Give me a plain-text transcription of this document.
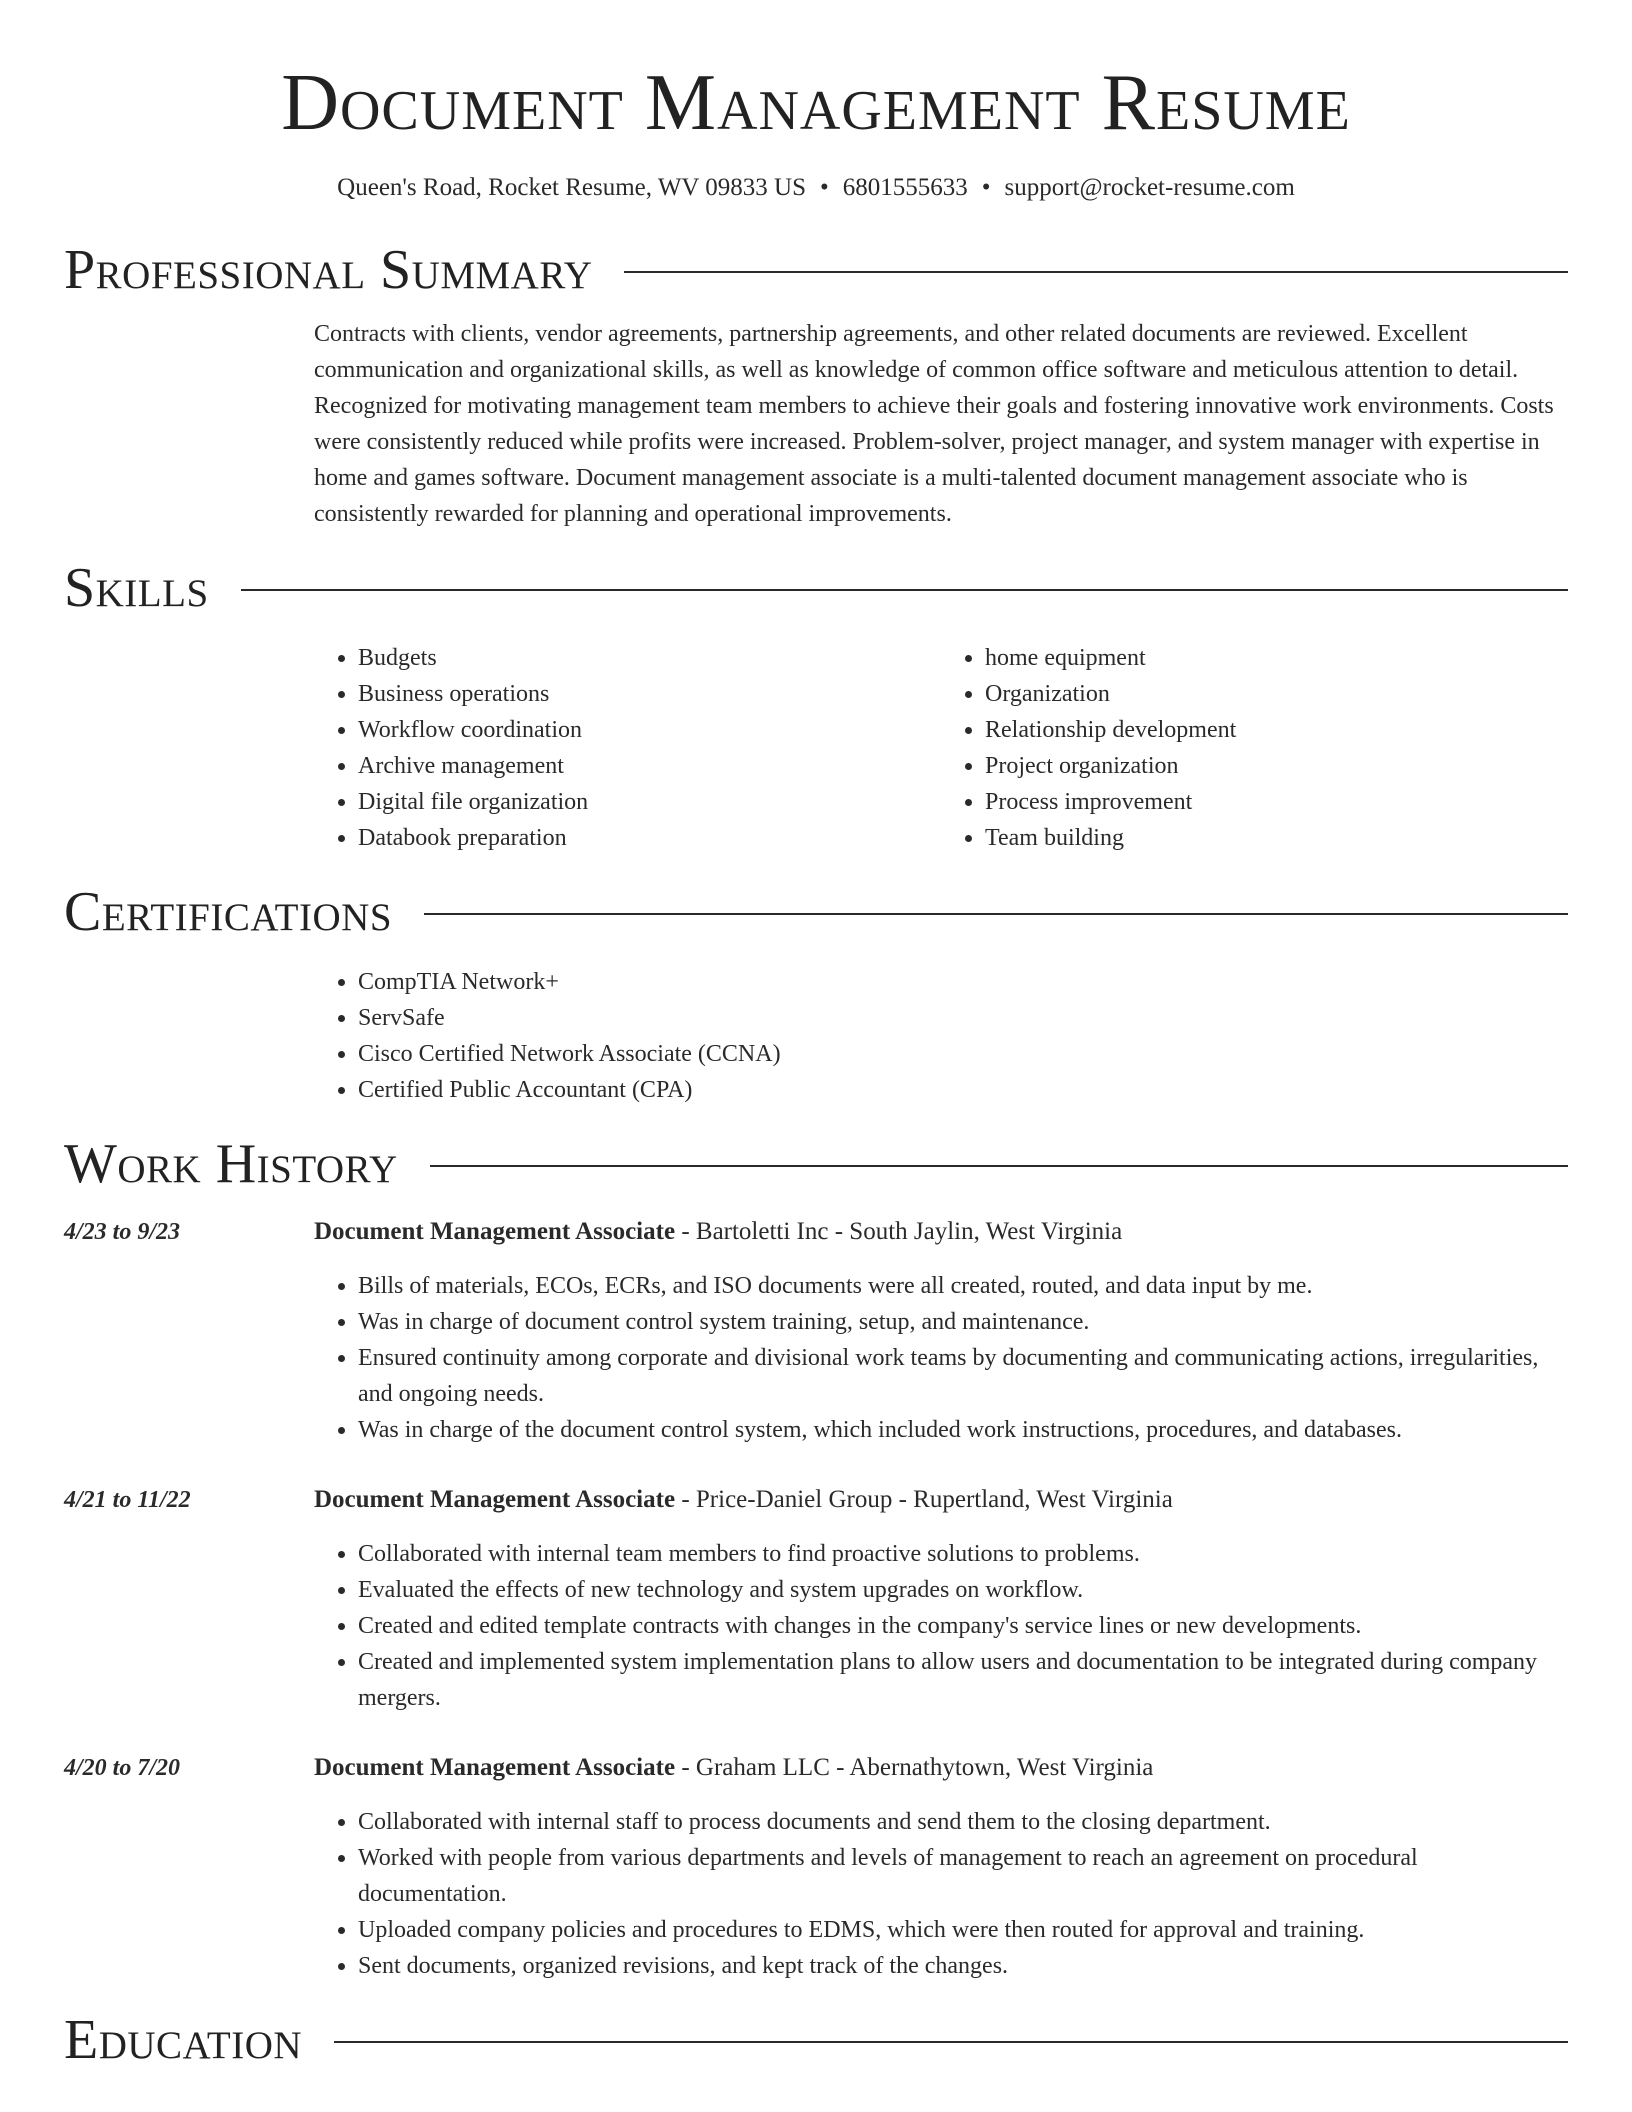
Document Management Resume
Queen's Road, Rocket Resume, WV 09833 US • 6801555633 • support@rocket-resume.com
Professional Summary
Contracts with clients, vendor agreements, partnership agreements, and other related documents are reviewed. Excellent communication and organizational skills, as well as knowledge of common office software and meticulous attention to detail. Recognized for motivating management team members to achieve their goals and fostering innovative work environments. Costs were consistently reduced while profits were increased. Problem-solver, project manager, and system manager with expertise in home and games software. Document management associate is a multi-talented document management associate who is consistently rewarded for planning and operational improvements.
Skills
• Budgets
• Business operations
• Workflow coordination
• Archive management
• Digital file organization
• Databook preparation
• home equipment
• Organization
• Relationship development
• Project organization
• Process improvement
• Team building
Certifications
• CompTIA Network+
• ServSafe
• Cisco Certified Network Associate (CCNA)
• Certified Public Accountant (CPA)
Work History
4/23 to 9/23	Document Management Associate - Bartoletti Inc - South Jaylin, West Virginia
• Bills of materials, ECOs, ECRs, and ISO documents were all created, routed, and data input by me.
• Was in charge of document control system training, setup, and maintenance.
• Ensured continuity among corporate and divisional work teams by documenting and communicating actions, irregularities, and ongoing needs.
• Was in charge of the document control system, which included work instructions, procedures, and databases.
4/21 to 11/22	Document Management Associate - Price-Daniel Group - Rupertland, West Virginia
• Collaborated with internal team members to find proactive solutions to problems.
• Evaluated the effects of new technology and system upgrades on workflow.
• Created and edited template contracts with changes in the company's service lines or new developments.
• Created and implemented system implementation plans to allow users and documentation to be integrated during company mergers.
4/20 to 7/20	Document Management Associate - Graham LLC - Abernathytown, West Virginia
• Collaborated with internal staff to process documents and send them to the closing department.
• Worked with people from various departments and levels of management to reach an agreement on procedural documentation.
• Uploaded company policies and procedures to EDMS, which were then routed for approval and training.
• Sent documents, organized revisions, and kept track of the changes.
Education
